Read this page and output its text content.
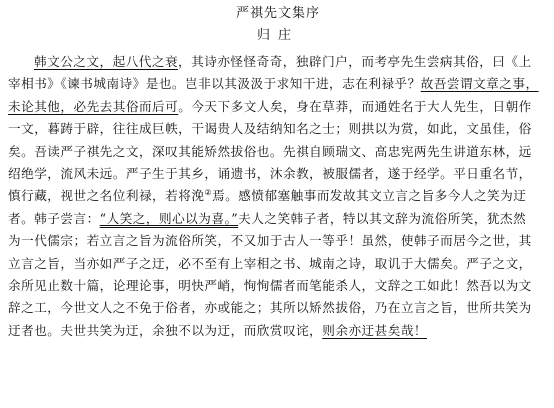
严祺先文集序
归庄
韩文公之文，起八代之衰，其诗亦怪怪奇奇，独辟门户，而考亭先生尝病其俗，曰《上
宰相书》《谏书城南诗》是也。岂非以其汲汲于求知干进，志在利禄乎？故吾尝谓文章之事，
未论其他，必先去其俗而后可。今天下多文人矣，身在草莽，而通姓名于大人先生，日朝作
一文，暮踌于辟，往往成巨帙，干谒贵人及结纳知名之士；则拱以为赏，如此，文虽佳，俗
矣。吾读严子祺先之文，深叹其能矫然拔俗也。先祺自顾瑞文、高忠宪两先生讲道东林，远
绍绝学，流风未远。严子生于其乡，诵遗书，沐余教，被服儒者，遂于经学。平日重名节，
慎行藏，视世之名位利禄，若将浼②焉。感愤郁塞触事而发故其文立言之旨多今人之笑为迂
者。韩子尝言：“人笑之，则心以为喜。”夫人之笑韩子者，特以其文辞为流俗所笑，犹杰然
为一代儒宗；若立言之旨为流俗所笑，不又加于古人一等乎！虽然，使韩子而居今之世，其
立言之旨，当亦如严子之迂，必不至有上宰相之书、城南之诗，取讥于大儒矣。严子之文，
余所见止数十篇，论理论事，明快严峭，恂恂儒者而笔能杀人，文辞之工如此！然吾以为文
辞之工，今世文人之不免于俗者，亦或能之；其所以矫然拔俗，乃在立言之旨，世所共笑为
迂者也。夫世共笑为迂，余独不以为迂，而欣赏叹诧，则余亦迂甚矣哉！
